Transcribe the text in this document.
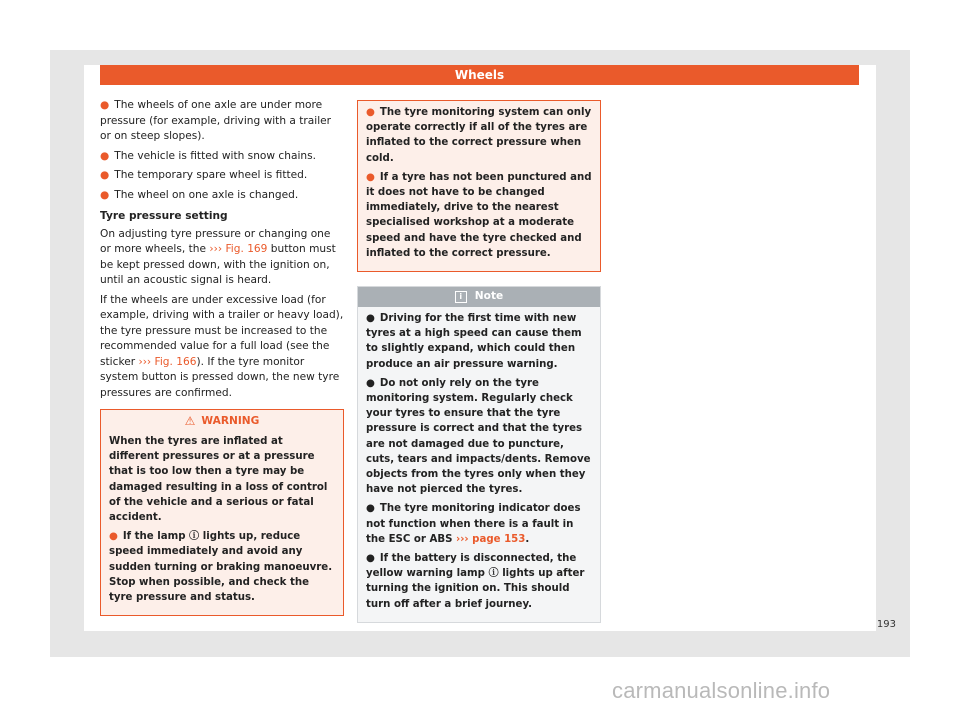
Wheels
● The wheels of one axle are under more pressure (for example, driving with a trailer or on steep slopes).
● The vehicle is fitted with snow chains.
● The temporary spare wheel is fitted.
● The wheel on one axle is changed.
Tyre pressure setting

On adjusting tyre pressure or changing one or more wheels, the ››› Fig. 169 button must be kept pressed down, with the ignition on, until an acoustic signal is heard.

If the wheels are under excessive load (for example, driving with a trailer or heavy load), the tyre pressure must be increased to the recommended value for a full load (see the sticker ››› Fig. 166). If the tyre monitor system button is pressed down, the new tyre pressures are confirmed.

⚠ WARNING
When the tyres are inflated at different pressures or at a pressure that is too low then a tyre may be damaged resulting in a loss of control of the vehicle and a serious or fatal accident.
● If the lamp ⓘ lights up, reduce speed immediately and avoid any sudden turning or braking manoeuvre. Stop when possible, and check the tyre pressure and status.
● The tyre monitoring system can only operate correctly if all of the tyres are inflated to the correct pressure when cold.
● If a tyre has not been punctured and it does not have to be changed immediately, drive to the nearest specialised workshop at a moderate speed and have the tyre checked and inflated to the correct pressure.
i	Note
● Driving for the first time with new tyres at a high speed can cause them to slightly expand, which could then produce an air pressure warning.
● Do not only rely on the tyre monitoring system. Regularly check your tyres to ensure that the tyre pressure is correct and that the tyres are not damaged due to puncture, cuts, tears and impacts/dents. Remove objects from the tyres only when they have not pierced the tyres.
● The tyre monitoring indicator does not function when there is a fault in the ESC or ABS ››› page 153.
● If the battery is disconnected, the yellow warning lamp ⓘ lights up after turning the ignition on. This should turn off after a brief journey.
193
carmanualsonline.info
